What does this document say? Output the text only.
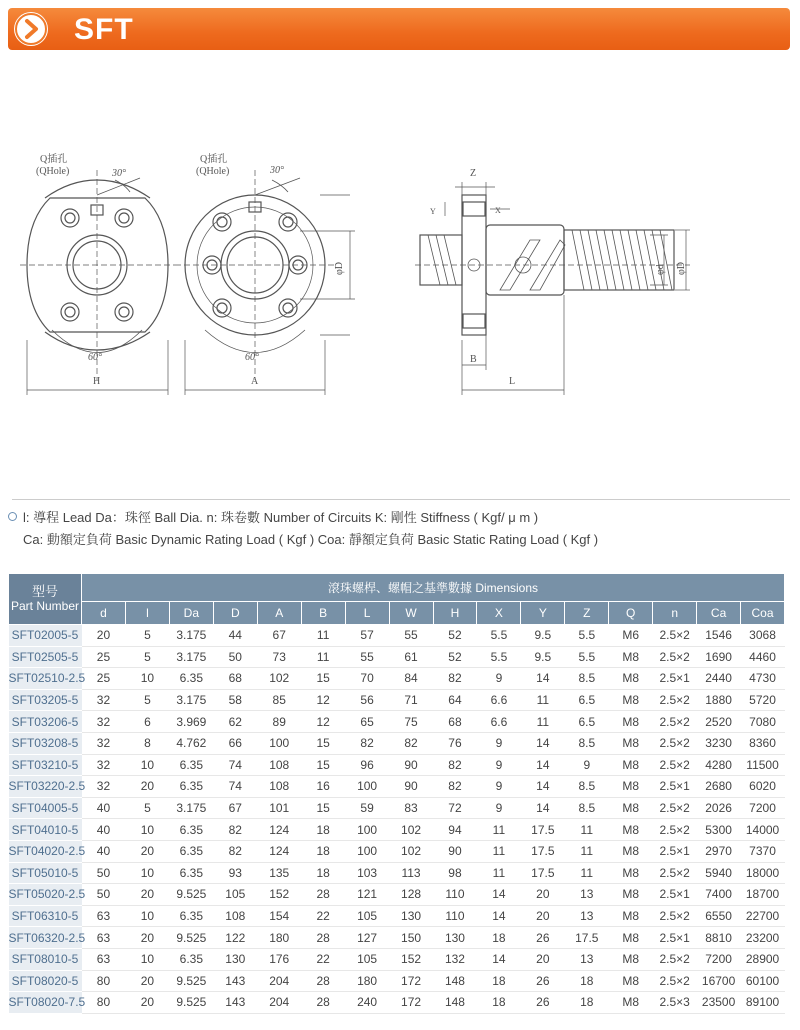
SFT
Q插孔
(QHole)	30°
60°
H
Q插孔
(QHole)	30°
60°
A
φD
Z
Y	X
B
L
φd φD
l: 導程 Lead Da：珠徑 Ball Dia. n: 珠卷數 Number of Circuits K: 剛性 Stiffness ( Kgf/ μ m )
Ca: 動額定負荷 Basic Dynamic Rating Load ( Kgf ) Coa: 靜額定負荷 Basic Static Rating Load ( Kgf )
型号
Part Number	滾珠螺桿、螺帽之基準數據 Dimensions															
	d	l	Da	D	A	B	L	W	H	X	Y	Z	Q	n	Ca	Coa
SFT02005-5	20	5	3.175	44	67	11	57	55	52	5.5	9.5	5.5	M6	2.5×2	1546	3068
SFT02505-5	25	5	3.175	50	73	11	55	61	52	5.5	9.5	5.5	M8	2.5×2	1690	4460
SFT02510-2.5	25	10	6.35	68	102	15	70	84	82	9	14	8.5	M8	2.5×1	2440	4730
SFT03205-5	32	5	3.175	58	85	12	56	71	64	6.6	11	6.5	M8	2.5×2	1880	5720
SFT03206-5	32	6	3.969	62	89	12	65	75	68	6.6	11	6.5	M8	2.5×2	2520	7080
SFT03208-5	32	8	4.762	66	100	15	82	82	76	9	14	8.5	M8	2.5×2	3230	8360
SFT03210-5	32	10	6.35	74	108	15	96	90	82	9	14	9	M8	2.5×2	4280	11500
SFT03220-2.5	32	20	6.35	74	108	16	100	90	82	9	14	8.5	M8	2.5×1	2680	6020
SFT04005-5	40	5	3.175	67	101	15	59	83	72	9	14	8.5	M8	2.5×2	2026	7200
SFT04010-5	40	10	6.35	82	124	18	100	102	94	11	17.5	11	M8	2.5×2	5300	14000
SFT04020-2.5	40	20	6.35	82	124	18	100	102	90	11	17.5	11	M8	2.5×1	2970	7370
SFT05010-5	50	10	6.35	93	135	18	103	113	98	11	17.5	11	M8	2.5×2	5940	18000
SFT05020-2.5	50	20	9.525	105	152	28	121	128	110	14	20	13	M8	2.5×1	7400	18700
SFT06310-5	63	10	6.35	108	154	22	105	130	110	14	20	13	M8	2.5×2	6550	22700
SFT06320-2.5	63	20	9.525	122	180	28	127	150	130	18	26	17.5	M8	2.5×1	8810	23200
SFT08010-5	63	10	6.35	130	176	22	105	152	132	14	20	13	M8	2.5×2	7200	28900
SFT08020-5	80	20	9.525	143	204	28	180	172	148	18	26	18	M8	2.5×2	16700	60100
SFT08020-7.5	80	20	9.525	143	204	28	240	172	148	18	26	18	M8	2.5×3	23500	89100
